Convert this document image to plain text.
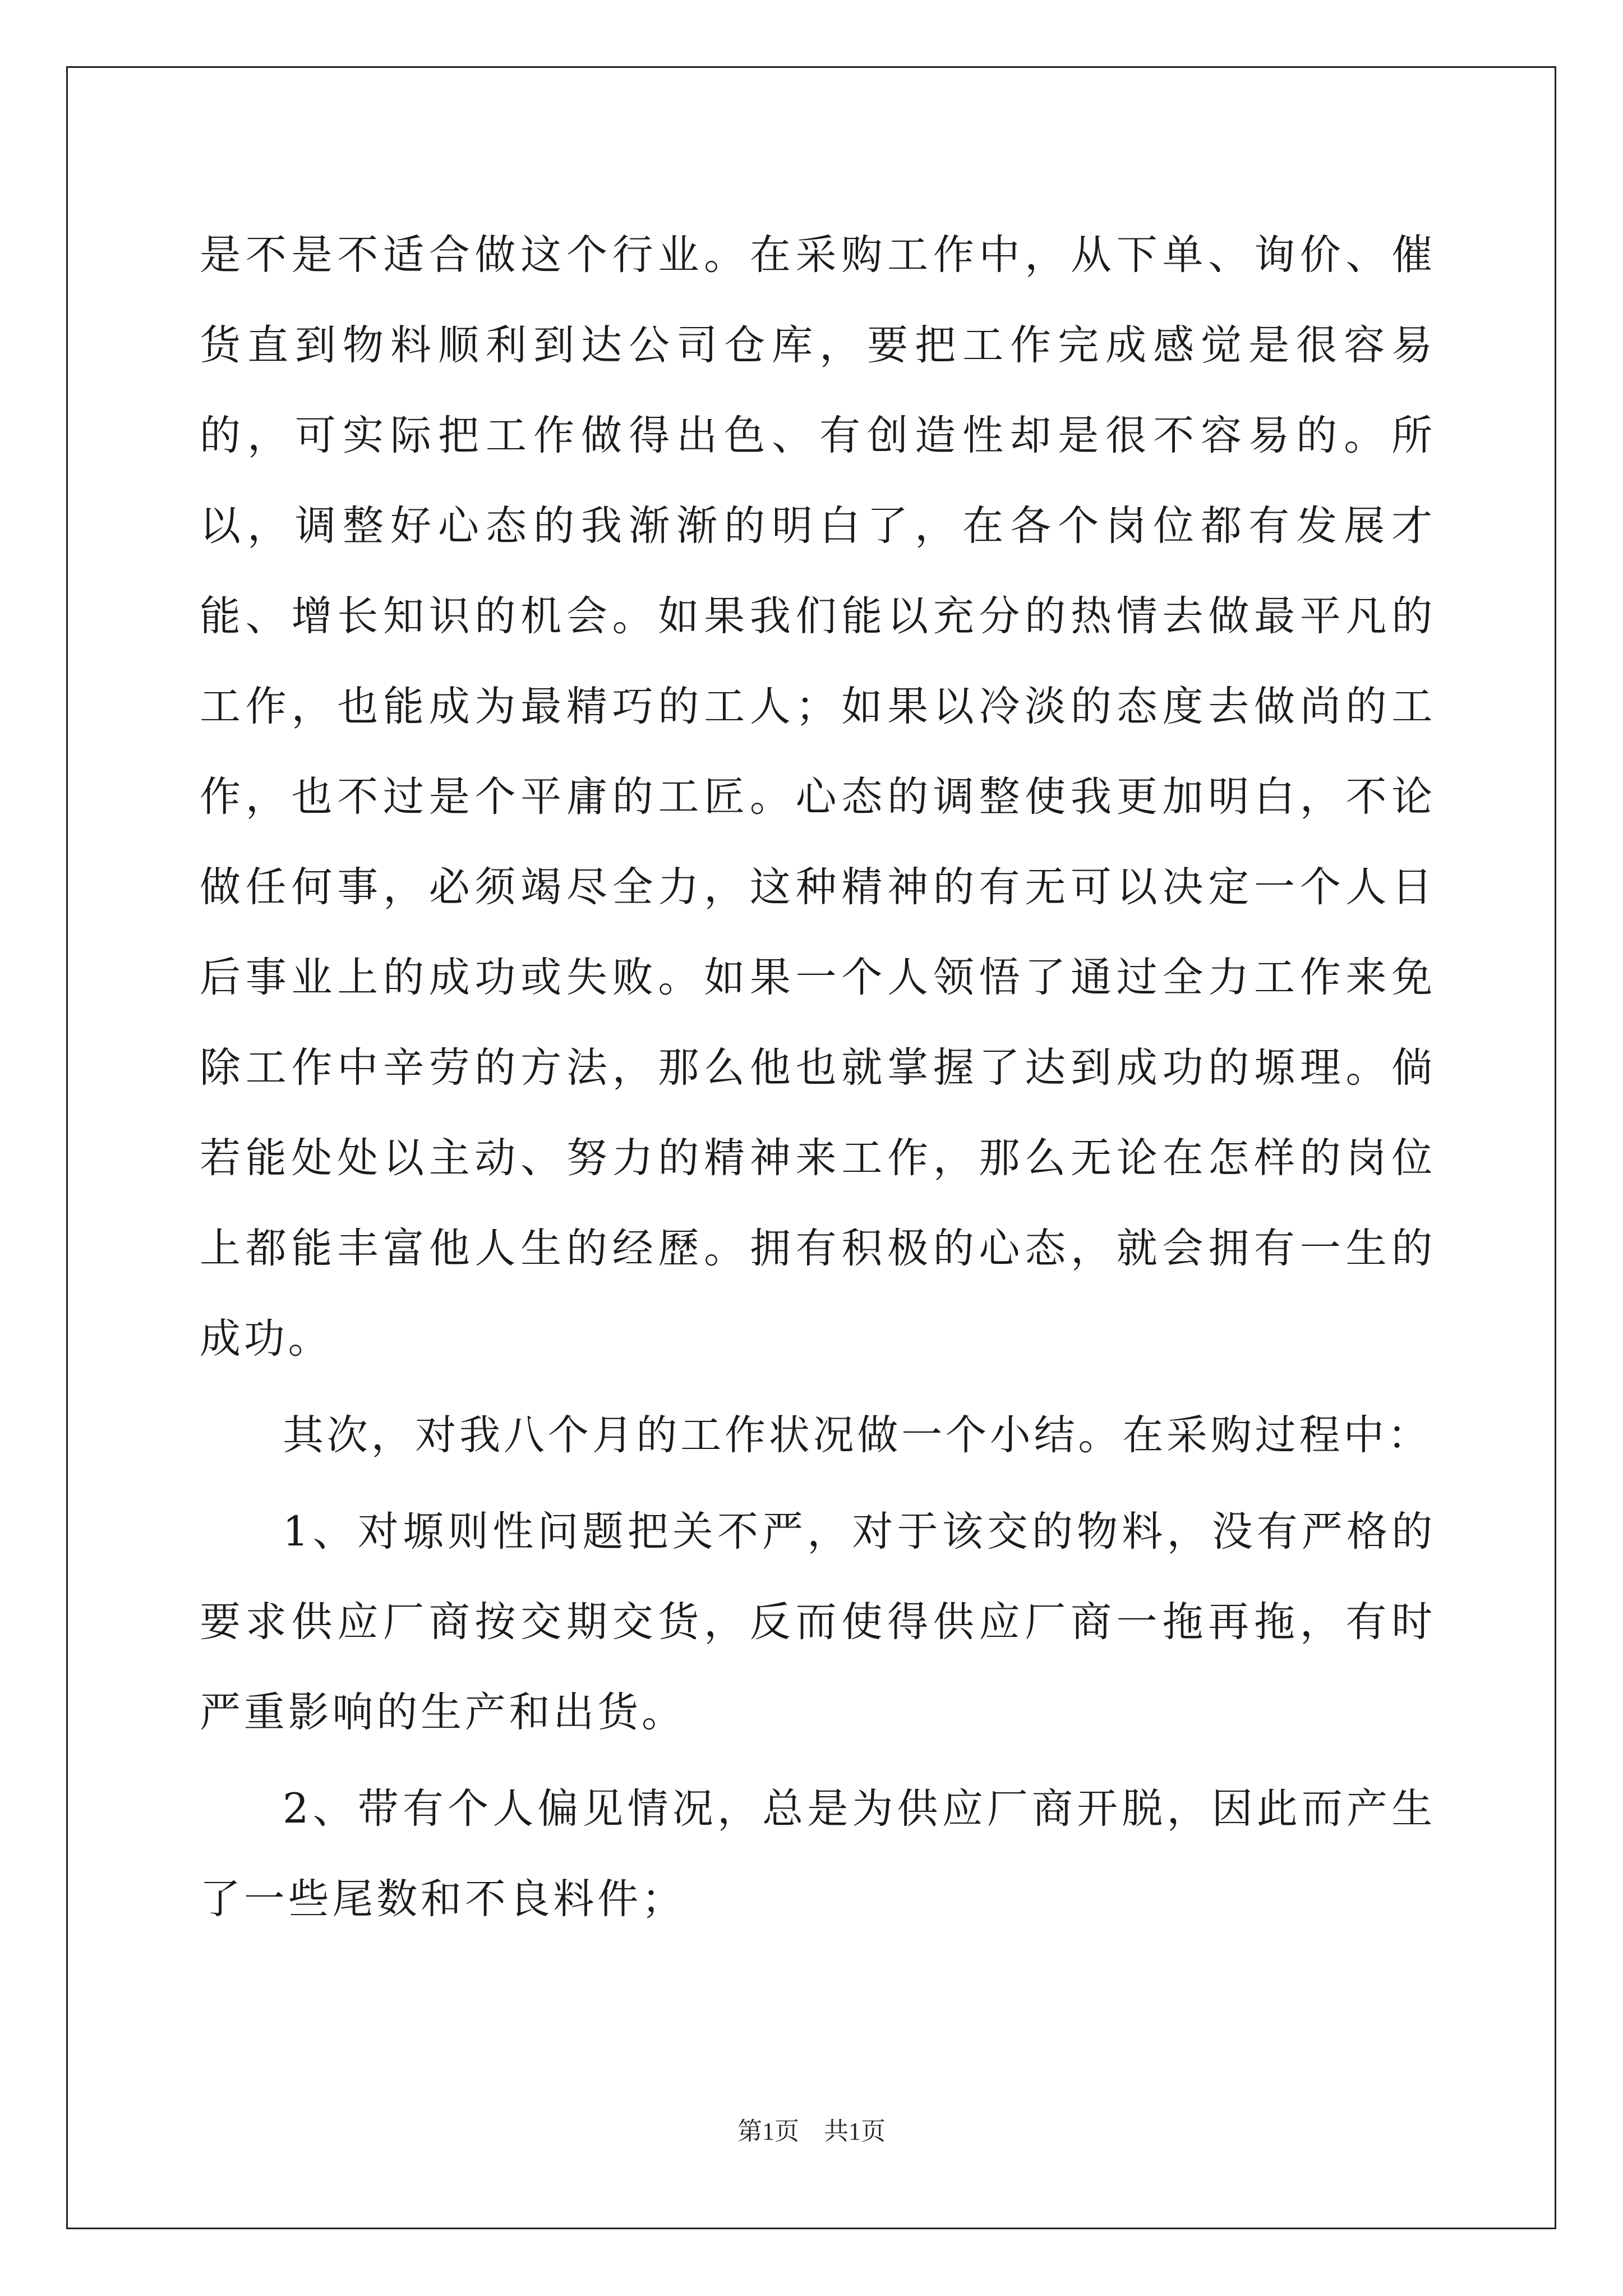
是不是不适合做这个行业。在采购工作中，从下单、询价、催货直到物料顺利到达公司仓库，要把工作完成感觉是很容易的，可实际把工作做得出色、有创造性却是很不容易的。所以，调整好心态的我渐渐的明白了，在各个岗位都有发展才能、增长知识的机会。如果我们能以充分的热情去做最平凡的工作，也能成为最精巧的工人；如果以冷淡的态度去做尚的工作，也不过是个平庸的工匠。心态的调整使我更加明白，不论做任何事，必须竭尽全力，这种精神的有无可以决定一个人日后事业上的成功或失败。如果一个人领悟了通过全力工作来免除工作中辛劳的方法，那么他也就掌握了达到成功的塬理。倘若能处处以主动、努力的精神来工作，那么无论在怎样的岗位上都能丰富他人生的经歷。拥有积极的心态，就会拥有一生的成功。

其次，对我八个月的工作状况做一个小结。在采购过程中：

1、对塬则性问题把关不严，对于该交的物料，没有严格的要求供应厂商按交期交货，反而使得供应厂商一拖再拖，有时严重影响的生产和出货。

2、带有个人偏见情况，总是为供应厂商开脱，因此而产生了一些尾数和不良料件；

第1页　共1页
